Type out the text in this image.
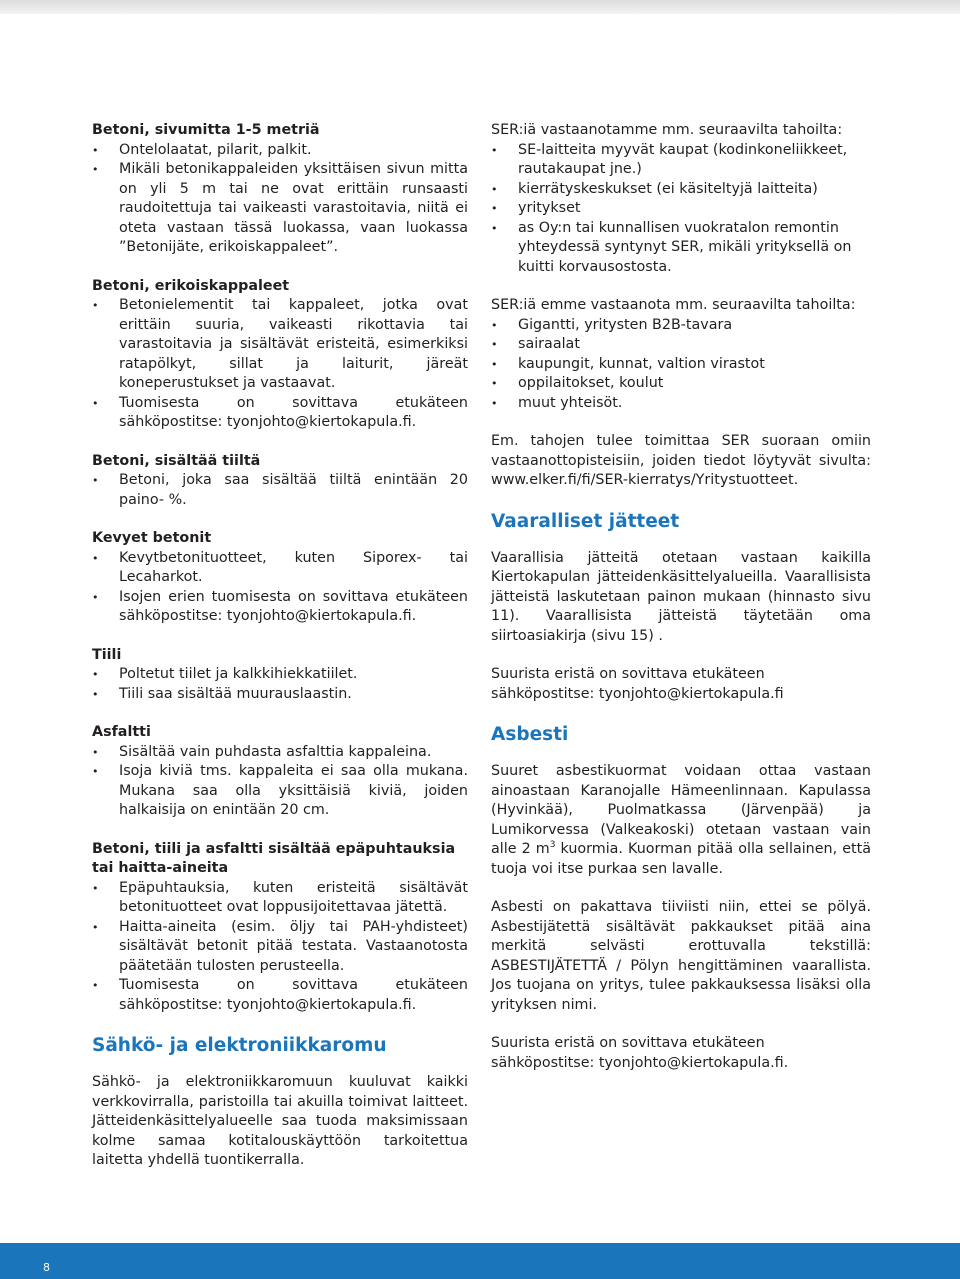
Betoni, sivumitta 1-5 metriä

• Ontelolaatat, pilarit, palkit.
• Mikäli betonikappaleiden yksittäisen sivun mitta on yli 5 m tai ne ovat erittäin runsaasti raudoitettuja tai vaikeasti varastoitavia, niitä ei oteta vastaan tässä luokassa, vaan luokassa ”Betonijäte, erikoiskappaleet”.

Betoni, erikoiskappaleet

• Betonielementit tai kappaleet, jotka ovat erittäin suuria, vaikeasti rikottavia tai varastoitavia ja sisältävät eristeitä, esimerkiksi ratapölkyt, sillat ja laiturit, järeät koneperustukset ja vastaavat.
• Tuomisesta on sovittava etukäteen sähköpostitse: tyonjohto@kiertokapula.fi.

Betoni, sisältää tiiltä

• Betoni, joka saa sisältää tiiltä enintään 20 paino- %.

Kevyet betonit

• Kevytbetonituotteet, kuten Siporex- tai Lecaharkot.
• Isojen erien tuomisesta on sovittava etukäteen sähköpostitse: tyonjohto@kiertokapula.fi.

Tiili

• Poltetut tiilet ja kalkkihiekkatiilet.
• Tiili saa sisältää muurauslaastin.

Asfaltti

• Sisältää vain puhdasta asfalttia kappaleina.
• Isoja kiviä tms. kappaleita ei saa olla mukana. Mukana saa olla yksittäisiä kiviä, joiden halkaisija on enintään 20 cm.

Betoni, tiili ja asfaltti sisältää epäpuhtauksia tai haitta-aineita

• Epäpuhtauksia, kuten eristeitä sisältävät betonituotteet ovat loppusijoitettavaa jätettä.
• Haitta-aineita (esim. öljy tai PAH-yhdisteet) sisältävät betonit pitää testata. Vastaanotosta päätetään tulosten perusteella.
• Tuomisesta on sovittava etukäteen sähköpostitse: tyonjohto@kiertokapula.fi.

Sähkö- ja elektroniikkaromu

Sähkö- ja elektroniikkaromuun kuuluvat kaikki verkkovirralla, paristoilla tai akuilla toimivat laitteet. Jätteidenkäsittelyalueelle saa tuoda maksimissaan kolme samaa kotitalouskäyttöön tarkoitettua laitetta yhdellä tuontikerralla.

SER:iä vastaanotamme mm. seuraavilta tahoilta:

• SE-laitteita myyvät kaupat (kodinkoneliikkeet, rautakaupat jne.)
• kierrätyskeskukset (ei käsiteltyjä laitteita)
• yritykset
• as Oy:n tai kunnallisen vuokratalon remontin yhteydessä syntynyt SER, mikäli yrityksellä on kuitti korvausostosta.

SER:iä emme vastaanota mm. seuraavilta tahoilta:

• Gigantti, yritysten B2B-tavara
• sairaalat
• kaupungit, kunnat, valtion virastot
• oppilaitokset, koulut
• muut yhteisöt.

Em. tahojen tulee toimittaa SER suoraan omiin vastaanottopisteisiin, joiden tiedot löytyvät sivulta: www.elker.fi/fi/SER-kierratys/Yritystuotteet.

Vaaralliset jätteet

Vaarallisia jätteitä otetaan vastaan kaikilla Kiertokapulan jätteidenkäsittelyalueilla. Vaarallisista jätteistä laskutetaan painon mukaan (hinnasto sivu 11). Vaarallisista jätteistä täytetään oma siirtoasiakirja (sivu 15) .

Suurista eristä on sovittava etukäteen sähköpostitse: tyonjohto@kiertokapula.fi

Asbesti

Suuret asbestikuormat voidaan ottaa vastaan ainoastaan Karanojalle Hämeenlinnaan. Kapulassa (Hyvinkää), Puolmatkassa (Järvenpää) ja Lumikorvessa (Valkeakoski) otetaan vastaan vain alle 2 $m^3$ kuormia. Kuorman pitää olla sellainen, että tuoja voi itse purkaa sen lavalle.

Asbesti on pakattava tiiviisti niin, ettei se pölyä. Asbestijätettä sisältävät pakkaukset pitää aina merkitä selvästi erottuvalla tekstillä: ASBESTIJÄTETTÄ / Pölyn hengittäminen vaarallista. Jos tuojana on yritys, tulee pakkauksessa lisäksi olla yrityksen nimi.

Suurista eristä on sovittava etukäteen sähköpostitse: tyonjohto@kiertokapula.fi.

8
